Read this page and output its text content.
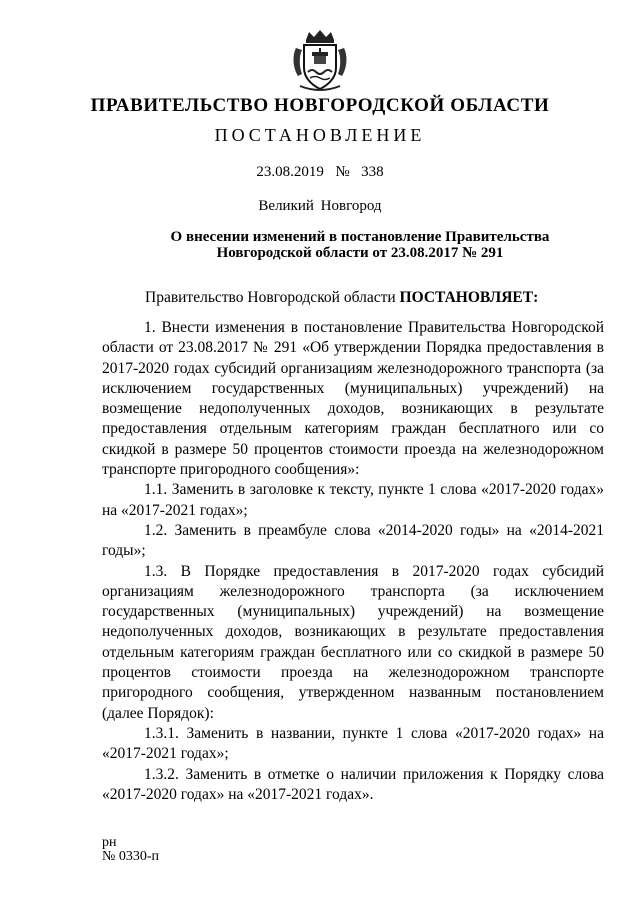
ПРАВИТЕЛЬСТВО НОВГОРОДСКОЙ ОБЛАСТИ
ПОСТАНОВЛЕНИЕ
23.08.2019  №  338
Великий Новгород
О внесении изменений в постановление Правительства
Новгородской области от 23.08.2017 № 291
Правительство Новгородской области ПОСТАНОВЛЯЕТ:

1. Внести изменения в постановление Правительства Новгородской области от 23.08.2017 № 291 «Об утверждении Порядка предоставления в 2017-2020 годах субсидий организациям железнодорожного транспорта (за исключением государственных (муниципальных) учреждений) на возмещение недополученных доходов, возникающих в результате предоставления отдельным категориям граждан бесплатного или со скидкой в размере 50 процентов стоимости проезда на железнодорожном транспорте пригородного сообщения»:

1.1. Заменить в заголовке к тексту, пункте 1 слова «2017-2020 годах» на «2017-2021 годах»;

1.2. Заменить в преамбуле слова «2014-2020 годы» на «2014-2021 годы»;

1.3. В Порядке предоставления в 2017-2020 годах субсидий организациям железнодорожного транспорта (за исключением государственных (муниципальных) учреждений) на возмещение недополученных доходов, возникающих в результате предоставления отдельным категориям граждан бесплатного или со скидкой в размере 50 процентов стоимости проезда на железнодорожном транспорте пригородного сообщения, утвержденном названным постановлением (далее Порядок):

1.3.1. Заменить в названии, пункте 1 слова «2017-2020 годах» на «2017-2021 годах»;

1.3.2. Заменить в отметке о наличии приложения к Порядку слова «2017-2020 годах» на «2017-2021 годах».

рн
№ 0330-п
